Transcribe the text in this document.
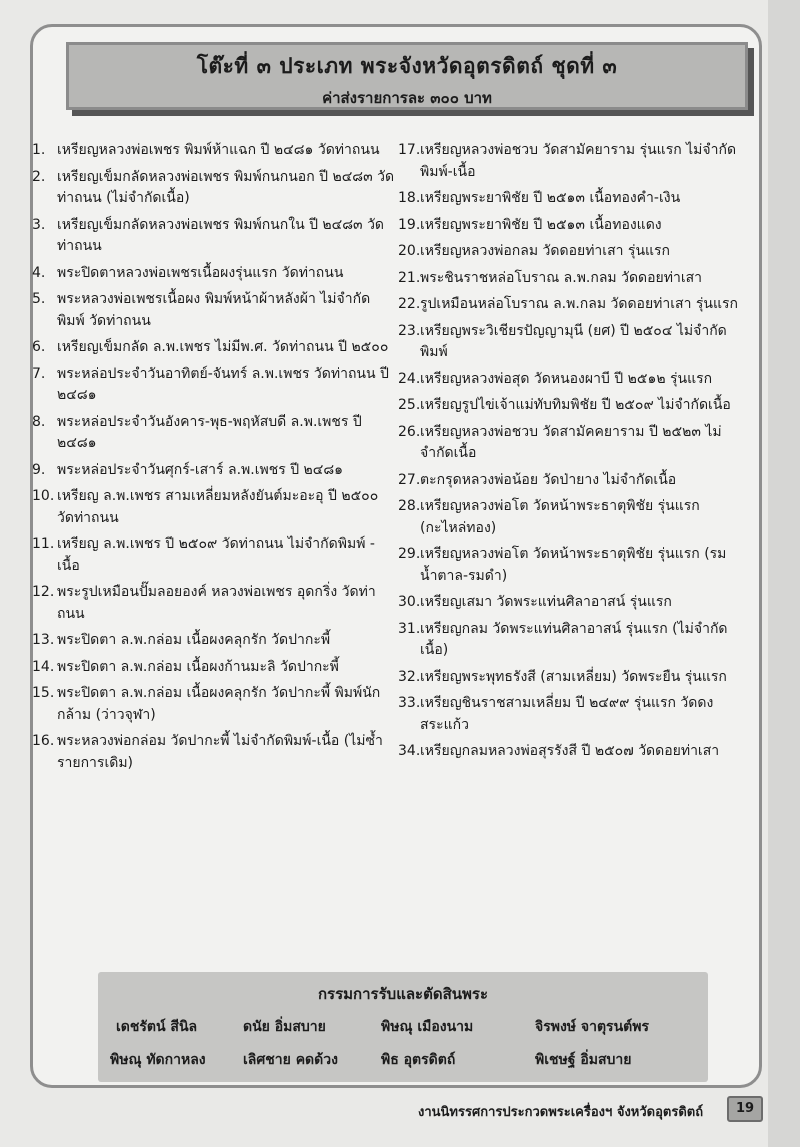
โต๊ะที่ ๓ ประเภท พระจังหวัดอุตรดิตถ์ ชุดที่ ๓
ค่าส่งรายการละ ๓๐๐ บาท
1. เหรียญหลวงพ่อเพชร พิมพ์ห้าแฉก ปี ๒๔๘๑ วัดท่าถนน
2. เหรียญเข็มกลัดหลวงพ่อเพชร พิมพ์กนกนอก ปี ๒๔๘๓ วัดท่าถนน (ไม่จำกัดเนื้อ)
3. เหรียญเข็มกลัดหลวงพ่อเพชร พิมพ์กนกใน ปี ๒๔๘๓ วัดท่าถนน
4. พระปิดตาหลวงพ่อเพชรเนื้อผงรุ่นแรก วัดท่าถนน
5. พระหลวงพ่อเพชรเนื้อผง พิมพ์หน้าผ้าหลังผ้า ไม่จำกัดพิมพ์ วัดท่าถนน
6. เหรียญเข็มกลัด ล.พ.เพชร ไม่มีพ.ศ. วัดท่าถนน ปี ๒๕๐๐
7. พระหล่อประจำวันอาทิตย์-จันทร์ ล.พ.เพชร วัดท่าถนน ปี ๒๔๘๑
8. พระหล่อประจำวันอังคาร-พุธ-พฤหัสบดี ล.พ.เพชร ปี ๒๔๘๑
9. พระหล่อประจำวันศุกร์-เสาร์ ล.พ.เพชร ปี ๒๔๘๑
10. เหรียญ ล.พ.เพชร สามเหลี่ยมหลังยันต์มะอะอุ ปี ๒๕๐๐ วัดท่าถนน
11. เหรียญ ล.พ.เพชร ปี ๒๕๐๙ วัดท่าถนน ไม่จำกัดพิมพ์ - เนื้อ
12. พระรูปเหมือนปั๊มลอยองค์ หลวงพ่อเพชร อุดกริ่ง วัดท่าถนน
13. พระปิดตา ล.พ.กล่อม เนื้อผงคลุกรัก วัดปากะพี้
14. พระปิดตา ล.พ.กล่อม เนื้อผงก้านมะลิ วัดปากะพี้
15. พระปิดตา ล.พ.กล่อม เนื้อผงคลุกรัก วัดปากะพี้ พิมพ์นักกล้าม (ว่าวจุฬา)
16. พระหลวงพ่อกล่อม วัดปากะพี้ ไม่จำกัดพิมพ์-เนื้อ (ไม่ซ้ำรายการเดิม)
17. เหรียญหลวงพ่อชวบ วัดสามัคยาราม รุ่นแรก ไม่จำกัดพิมพ์-เนื้อ
18. เหรียญพระยาพิชัย ปี ๒๕๑๓ เนื้อทองคำ-เงิน
19. เหรียญพระยาพิชัย ปี ๒๕๑๓ เนื้อทองแดง
20. เหรียญหลวงพ่อกลม วัดดอยท่าเสา รุ่นแรก
21. พระชินราชหล่อโบราณ ล.พ.กลม วัดดอยท่าเสา
22. รูปเหมือนหล่อโบราณ ล.พ.กลม วัดดอยท่าเสา รุ่นแรก
23. เหรียญพระวิเชียรปัญญามุนี (ยศ) ปี ๒๕๐๔ ไม่จำกัดพิมพ์
24. เหรียญหลวงพ่อสุด วัดหนองผาบี ปี ๒๕๑๒ รุ่นแรก
25. เหรียญรูปไข่เจ้าแม่ทับทิมพิชัย ปี ๒๕๐๙ ไม่จำกัดเนื้อ
26. เหรียญหลวงพ่อชวบ วัดสามัคคยาราม ปี ๒๕๒๓ ไม่จำกัดเนื้อ
27. ตะกรุดหลวงพ่อน้อย วัดป่ายาง ไม่จำกัดเนื้อ
28. เหรียญหลวงพ่อโต วัดหน้าพระธาตุพิชัย รุ่นแรก (กะไหล่ทอง)
29. เหรียญหลวงพ่อโต วัดหน้าพระธาตุพิชัย รุ่นแรก (รมน้ำตาล-รมดำ)
30. เหรียญเสมา วัดพระแท่นศิลาอาสน์ รุ่นแรก
31. เหรียญกลม วัดพระแท่นศิลาอาสน์ รุ่นแรก (ไม่จำกัดเนื้อ)
32. เหรียญพระพุทธรังสี (สามเหลี่ยม) วัดพระยืน รุ่นแรก
33. เหรียญชินราชสามเหลี่ยม ปี ๒๔๙๙ รุ่นแรก วัดดงสระแก้ว
34. เหรียญกลมหลวงพ่อสุรรังสี ปี ๒๕๐๗ วัดดอยท่าเสา
กรรมการรับและตัดสินพระ
เดชรัตน์ สีนิล	ดนัย อิ่มสบาย	พิษณุ เมืองนาม	จิรพงษ์ จาตุรนต์พร
พิษณุ ทัดกาหลง	เลิศชาย คดด้วง	พิธ อุตรดิตถ์	พิเชษฐ์ อิ่มสบาย
งานนิทรรศการประกวดพระเครื่องฯ จังหวัดอุตรดิตถ์	19
